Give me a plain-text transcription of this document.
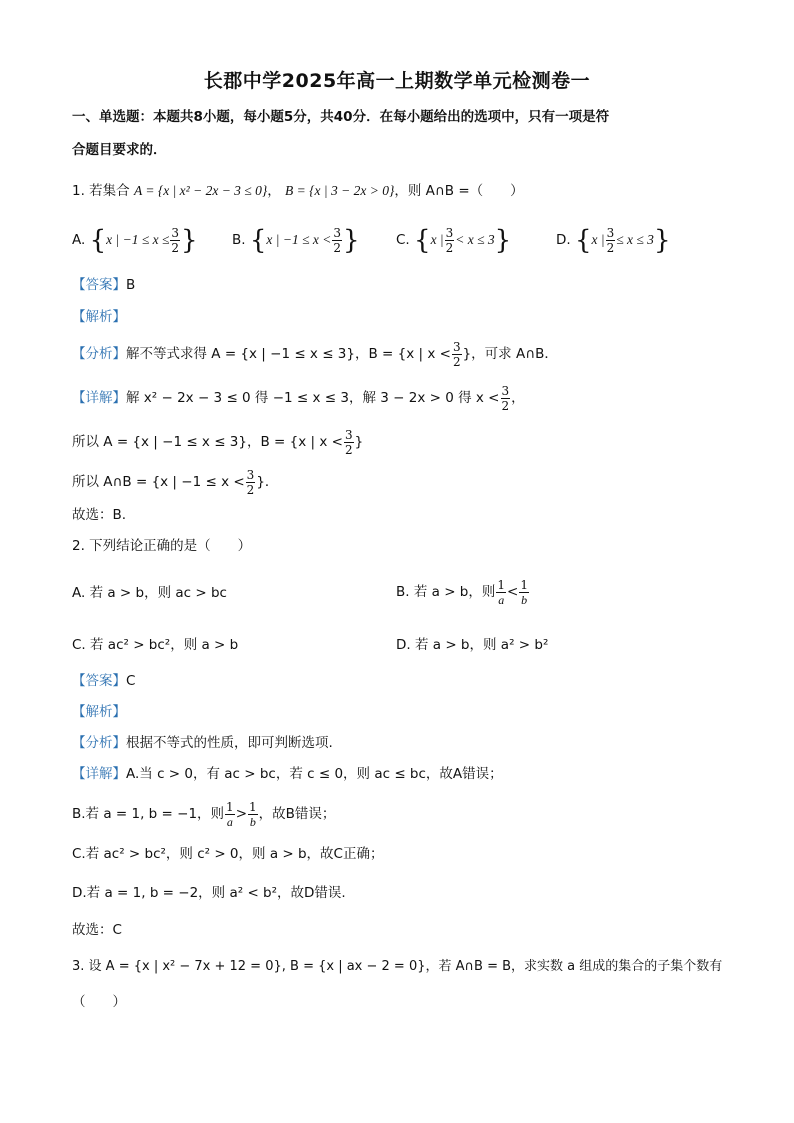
长郡中学2025年高一上期数学单元检测卷一
一、单选题：本题共8小题，每小题5分，共40分．在每小题给出的选项中，只有一项是符
合题目要求的．
1. 若集合 A = {x | x² − 2x − 3 ≤ 0}， B = {x | 3 − 2x > 0}，则 A∩B =（　　）
A. {x | $-1 \le x \le \frac{3}{2}$ }	B. {x | $-1 \le x < \frac{3}{2}$ }	C. {x | $\frac{3}{2} < x \le 3$}	D. {x | $\frac{3}{2} \le x \le 3$}
【答案】B
【解析】
【分析】解不等式求得 A = {x | −1 ≤ x ≤ 3}，B = {x | $x < \frac{3}{2}$ }，可求 A∩B．
【详解】解 x² − 2x − 3 ≤ 0 得 −1 ≤ x ≤ 3，解 3 − 2x > 0 得 $x < \frac{3}{2}$ ，
所以 A = {x | −1 ≤ x ≤ 3}，B = {x | $x < \frac{3}{2}$ }
所以 A∩B = {x | $-1 \le x < \frac{3}{2}$ }．
故选：B.
2. 下列结论正确的是（　　）
A. 若 a > b，则 ac > bc	B. 若 a > b，则 $\frac{1}{a} < \frac{1}{b}$
C. 若 ac² > bc²，则 a > b	D. 若 a > b，则 a² > b²
【答案】C
【解析】
【分析】根据不等式的性质，即可判断选项.
【详解】A.当 c > 0，有 ac > bc，若 c ≤ 0，则 ac ≤ bc，故A错误；
B.若 a = 1, b = −1，则 $\frac{1}{a} > \frac{1}{b}$ ，故B错误；
C.若 ac² > bc²，则 c² > 0，则 a > b，故C正确；
D.若 a = 1, b = −2，则 a² < b²，故D错误.
故选：C
3. 设 A = {x | x² − 7x + 12 = 0}, B = {x | ax − 2 = 0}，若 A∩B = B，求实数 a 组成的集合的子集个数有
（　　）
